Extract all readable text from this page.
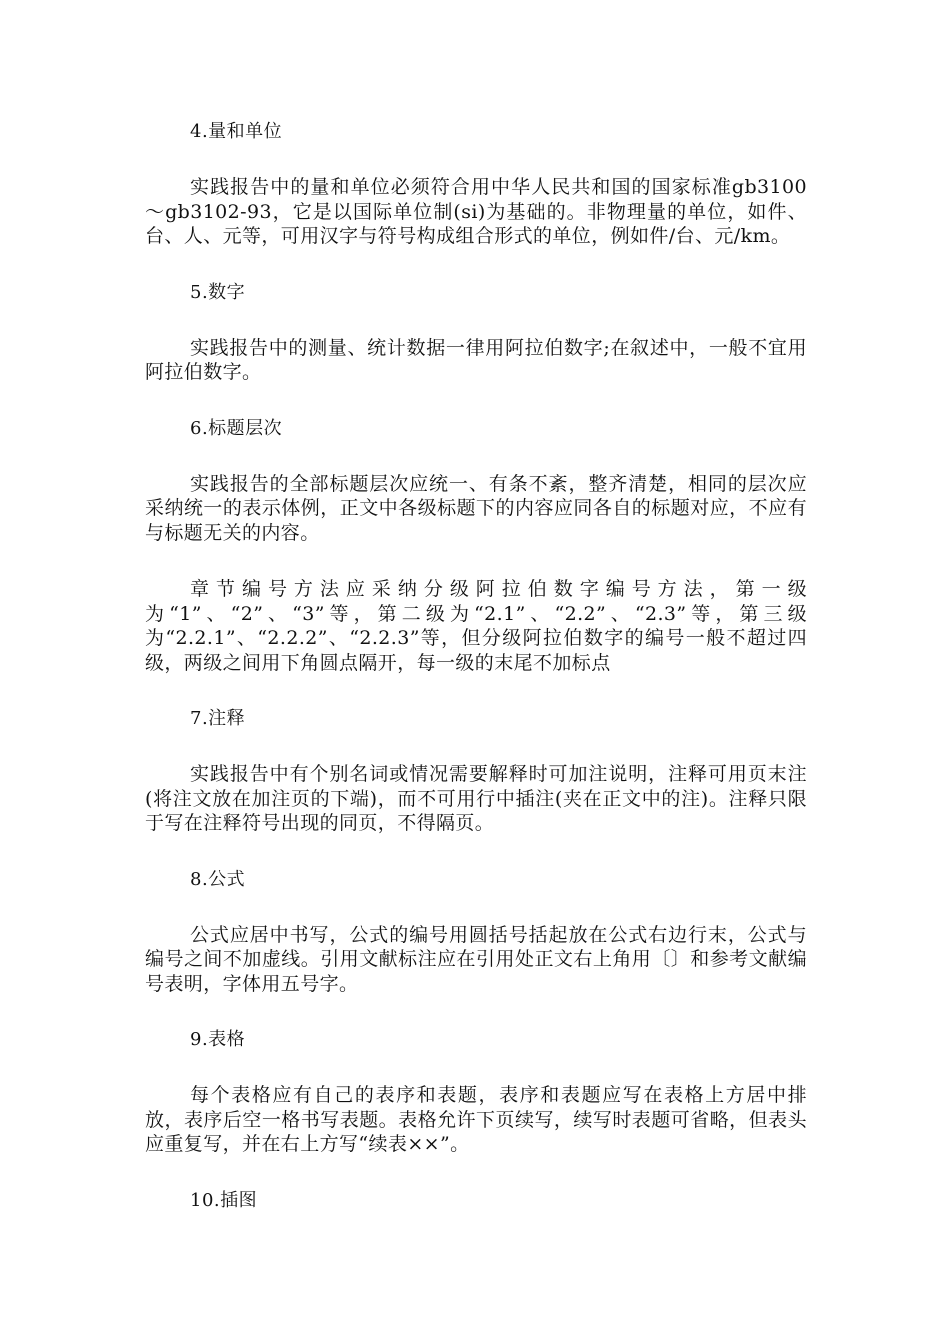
4.量和单位

实践报告中的量和单位必须符合用中华人民共和国的国家标准gb3100～gb3102-93，它是以国际单位制(si)为基础的。非物理量的单位，如件、台、人、元等，可用汉字与符号构成组合形式的单位，例如件/台、元/km。

5.数字

实践报告中的测量、统计数据一律用阿拉伯数字;在叙述中，一般不宜用阿拉伯数字。

6.标题层次

实践报告的全部标题层次应统一、有条不紊，整齐清楚，相同的层次应采纳统一的表示体例，正文中各级标题下的内容应同各自的标题对应，不应有与标题无关的内容。

章节编号方法应采纳分级阿拉伯数字编号方法，第一级为“1”、“2”、“3”等，第二级为“2.1”、“2.2”、“2.3”等，第三级为“2.2.1”、“2.2.2”、“2.2.3”等，但分级阿拉伯数字的编号一般不超过四级，两级之间用下角圆点隔开，每一级的末尾不加标点

7.注释

实践报告中有个别名词或情况需要解释时可加注说明，注释可用页末注(将注文放在加注页的下端)，而不可用行中插注(夹在正文中的注)。注释只限于写在注释符号出现的同页，不得隔页。

8.公式

公式应居中书写，公式的编号用圆括号括起放在公式右边行末，公式与编号之间不加虚线。引用文献标注应在引用处正文右上角用〔〕和参考文献编号表明，字体用五号字。

9.表格

每个表格应有自己的表序和表题，表序和表题应写在表格上方居中排放，表序后空一格书写表题。表格允许下页续写，续写时表题可省略，但表头应重复写，并在右上方写“续表××”。

10.插图
